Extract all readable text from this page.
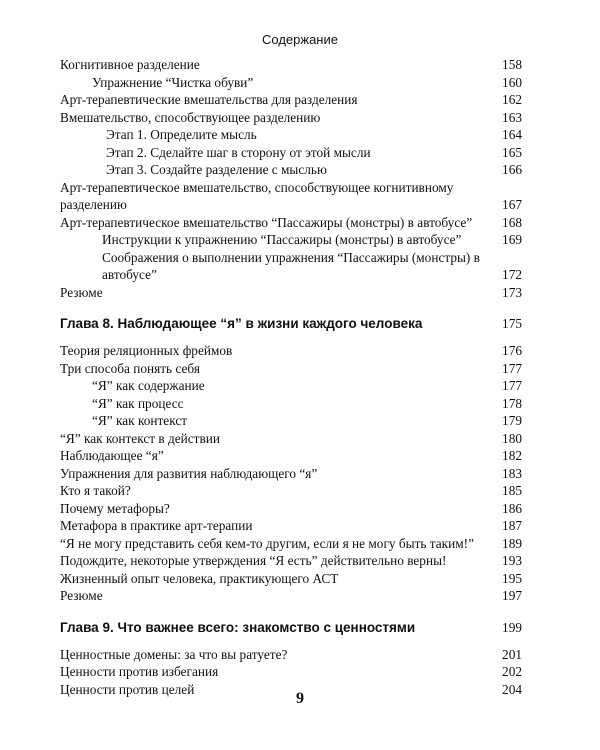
Содержание
Когнитивное разделение	158
Упражнение “Чистка обуви”	160
Арт-терапевтические вмешательства для разделения	162
Вмешательство, способствующее разделению	163
Этап 1. Определите мысль	164
Этап 2. Сделайте шаг в сторону от этой мысли	165
Этап 3. Создайте разделение с мыслью	166
Арт-терапевтическое вмешательство, способствующее когнитивному разделению	167
Арт-терапевтическое вмешательство “Пассажиры (монстры) в автобусе” 168
Инструкции к упражнению “Пассажиры (монстры) в автобусе”	169
Соображения о выполнении упражнения “Пассажиры (монстры) в автобусе”	172
Резюме	173
Глава 8. Наблюдающее “я” в жизни каждого человека	175
Теория реляционных фреймов	176
Три способа понять себя	177
“Я” как содержание	177
“Я” как процесс	178
“Я” как контекст	179
“Я” как контекст в действии	180
Наблюдающее “я”	182
Упражнения для развития наблюдающего “я”	183
Кто я такой?	185
Почему метафоры?	186
Метафора в практике арт-терапии	187
“Я не могу представить себя кем-то другим, если я не могу быть таким!” 189
Подождите, некоторые утверждения “Я есть” действительно верны!	193
Жизненный опыт человека, практикующего АСТ	195
Резюме	197
Глава 9. Что важнее всего: знакомство с ценностями	199
Ценностные домены: за что вы ратуете?	201
Ценности против избегания	202
Ценности против целей	204
9
